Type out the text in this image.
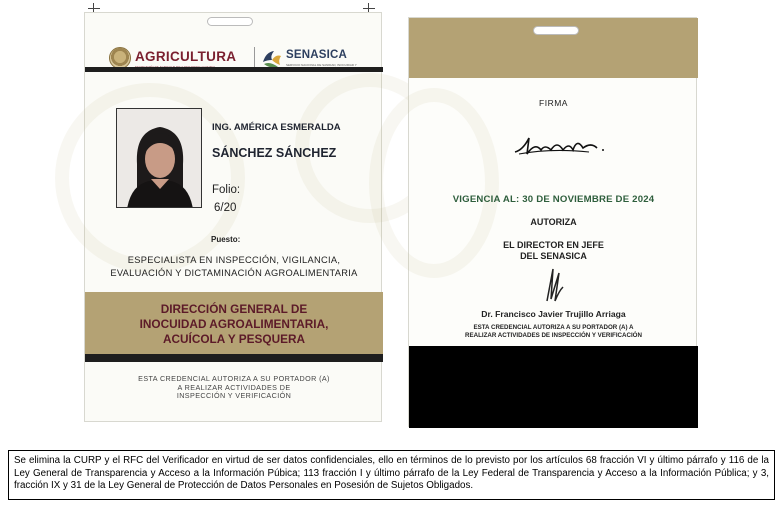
AGRICULTURA	SENASICA
SERVICIO NACIONAL DE SANIDAD, INOCUIDAD Y
ING. AMÉRICA ESMERALDA
SÁNCHEZ SÁNCHEZ
Folio:
6/20
Puesto:
ESPECIALISTA EN INSPECCIÓN, VIGILANCIA,
EVALUACIÓN Y DICTAMINACIÓN AGROALIMENTARIA
DIRECCIÓN GENERAL DE
INOCUIDAD AGROALIMENTARIA,
ACUÍCOLA Y PESQUERA
ESTA CREDENCIAL AUTORIZA A SU PORTADOR (A)
A REALIZAR ACTIVIDADES DE
INSPECCIÓN Y VERIFICACIÓN
FIRMA
VIGENCIA AL: 30 DE NOVIEMBRE DE 2024
AUTORIZA
EL DIRECTOR EN JEFE
DEL SENASICA
Dr. Francisco Javier Trujillo Arriaga
ESTA CREDENCIAL AUTORIZA A SU PORTADOR (A) A
REALIZAR ACTIVIDADES DE INSPECCIÓN Y VERIFICACIÓN
Se elimina la CURP y el RFC del Verificador en virtud de ser datos confidenciales, ello en términos de lo previsto por los artículos 68 fracción VI y último párrafo y 116 de la Ley General de Transparencia y Acceso a la Información Púbica; 113 fracción I y último párrafo de la Ley Federal de Transparencia y Acceso a la Información Pública; y 3, fracción IX y 31 de la Ley General de Protección de Datos Personales en Posesión de Sujetos Obligados.
